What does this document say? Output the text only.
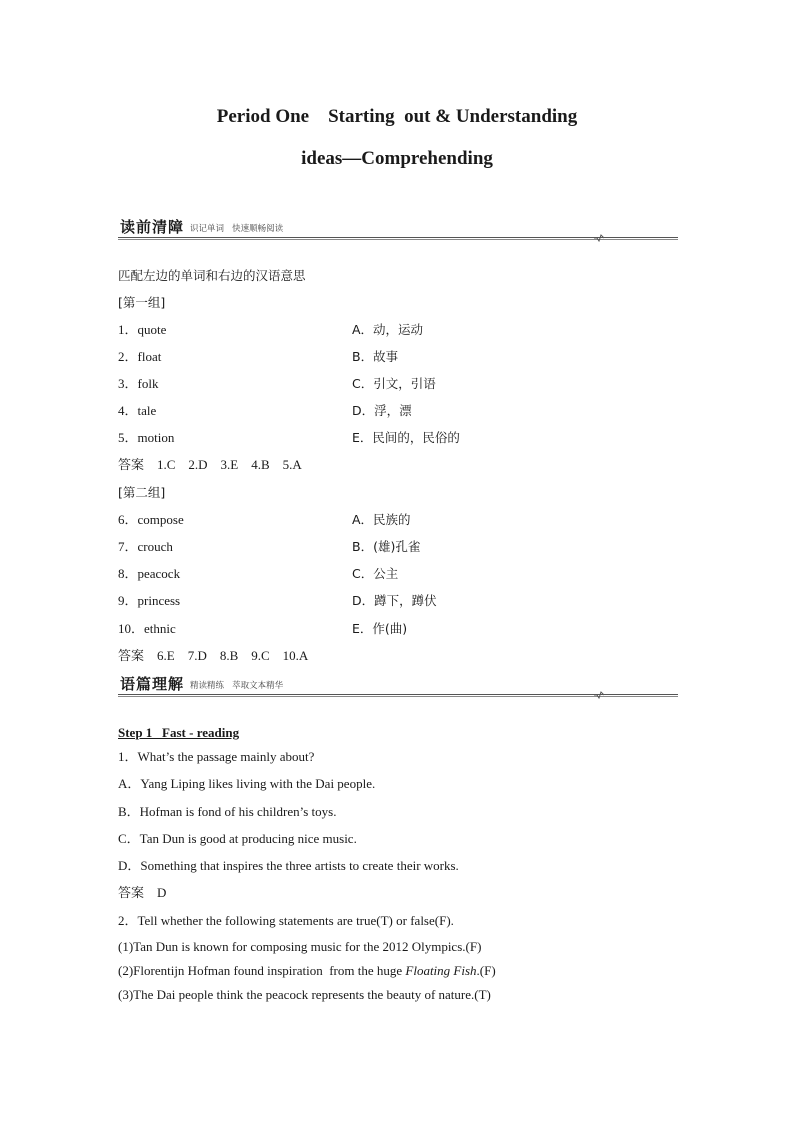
Period One    Starting  out & Understanding
ideas—Comprehending
读前清障 识记单词   快速顺畅阅读
匹配左边的单词和右边的汉语意思
[第一组]
1．quote	A．动，运动
2．float	B．故事
3．folk	C．引文，引语
4．tale	D．浮，漂
5．motion	E．民间的，民俗的
答案    1.C    2.D    3.E    4.B    5.A
[第二组]
6．compose	A．民族的
7．crouch	B．(雄)孔雀
8．peacock	C．公主
9．princess	D．蹲下，蹲伏
10．ethnic	E．作(曲)
答案    6.E    7.D    8.B    9.C    10.A
语篇理解 精读精练   萃取文本精华
Step 1   Fast - reading
1．What’s the passage mainly about?
A．Yang Liping likes living with the Dai people.
B．Hofman is fond of his children’s toys.
C．Tan Dun is good at producing nice music.
D．Something that inspires the three artists to create their works.
答案    D
2．Tell whether the following statements are true(T) or false(F).
(1)Tan Dun is known for composing music for the 2012 Olympics.(F)
(2)Florentijn Hofman found inspiration  from the huge Floating Fish.(F)
(3)The Dai people think the peacock represents the beauty of nature.(T)
